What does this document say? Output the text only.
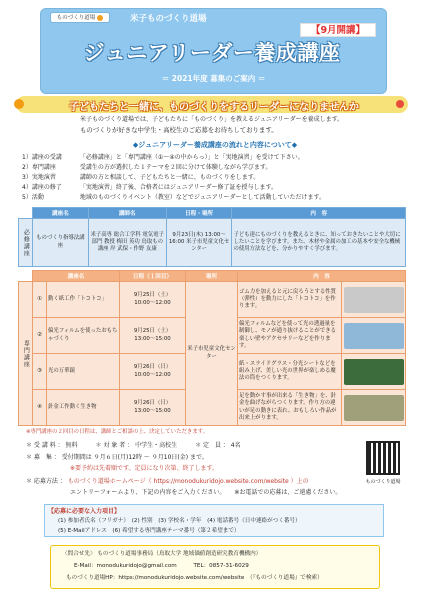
ものづくり道場	米子ものづくり道場
【9月開講】
ジュニアリーダー養成講座
＝ 2021年度 募集のご案内 ＝
子どもたちと一緒に、ものづくりをするリーダーになりませんか
米子ものづくり道場では、子どもたちに「ものづくり」を教えるジュニアリーダーを養成します。
ものづくりが好きな中学生・高校生のご応募をお待ちしております。
◆ジュニアリーダー養成講座の流れと内容について◆
1）講座の受講	「必修講座」と「専門講座（①～④の中からっ）」と「実地演習」を受けて下さい。
2）専門講座	受講生の方が選択した１テーマを２回に分けて体験しながら学びます。
3）実地演習	講師の方と相談して、子どもたちと一緒に、ものづくりをします。
4）講座の修了	「実地演習」終了後、合格者にはジュニアリーダー修了証を授与します。
5）活動	地域のものづくりイベント（教室）などでジュニアリーダーとして活動していただけます。
	講座名	講師名	日程・場所	内　容

必修講座	ものづくり指導法講座	米子高専 総合工学科 電気電子部門 教授 梅田 英功 鳥取もの講座 岸 武保・作野 友康	9月23日(木) 13:00～16:00 米子市児童文化センター	子ども達にものづくりを教えるときに、知っておきたいことや大切にしたいことを学びます。また、木材や金属の加工の基本や安全な機械の使用方法などを、分かりやすく学びます。
	講座名		日程（１回目）	場所	内　容	

専門講座	①	動く紙工作「トコトコ」	9月25日（土）
10:00～12:00	米子市児童文化センター	ゴム力を加えると元に戻ろうとする性質（弾性）を動力にした「トコトコ」を作ります。	

	②	偏光フィルムを使ったおもちゃづくり	9月25日（土）
13:00～15:00		偏光フィルムなどを使って光の透過量を制御し、モノが通り抜けることができる楽しい壁やアクセサリーなどを作ります。	

	③	光の万華鏡	9月26日（日）
10:00～12:00		紙・スライドグラス・分光シートなどを組み上げ、美しい光の世界が楽しめる魔法の筒をつくります。	

	④	針金工作動く生き物	9月26日（日）
13:00～15:00		足を動かす事が出来る「生き物」を、針金を曲げながらつくります。作り方の違いが足の動きに表れ、おもしろい作品が出来上がります。	
※専門講座の２回目の日程は、講師とご相談の上、決定していただきます。
＊ 受 講 料 ： 無料　　　＊ 対 象 者 ： 中学生・高校生　　　＊ 定　員 ： 4名
＊ 募　集 ： 受付期間は ９月６日(月)12時 ～ ９月10日(金) まで。
※要予約は先着順です。定員になり次第、終了します。
＊ 応募方法 ： ものづくり道場ホームページ（ https://monodukuridojo.website.com/website ）上の
エントリーフォームより、下記の内容をご入力ください。　　※お電話での応募は、ご遠慮ください。
ものづくり道場
【応募に必要な入力項目】
(1) 参加者氏名（フリガナ）　(2) 性別　(3) 学校名・学年　(4) 電話番号（日中連絡がつく番号）
(5) E-Mailアドレス　(6) 希望する専門講座テーマ番号（第２希望まで）
〈問合せ先〉 ものづくり道場事務局（鳥取大学 地域価値創造研究教育機構内）
E-Mail：monodukuridojo@gmail.com　　　TEL：0857-31-6029
ものづくり道場HP：https://monodukuridojo.website.com/website　（『ものづくり道場』で検索）
